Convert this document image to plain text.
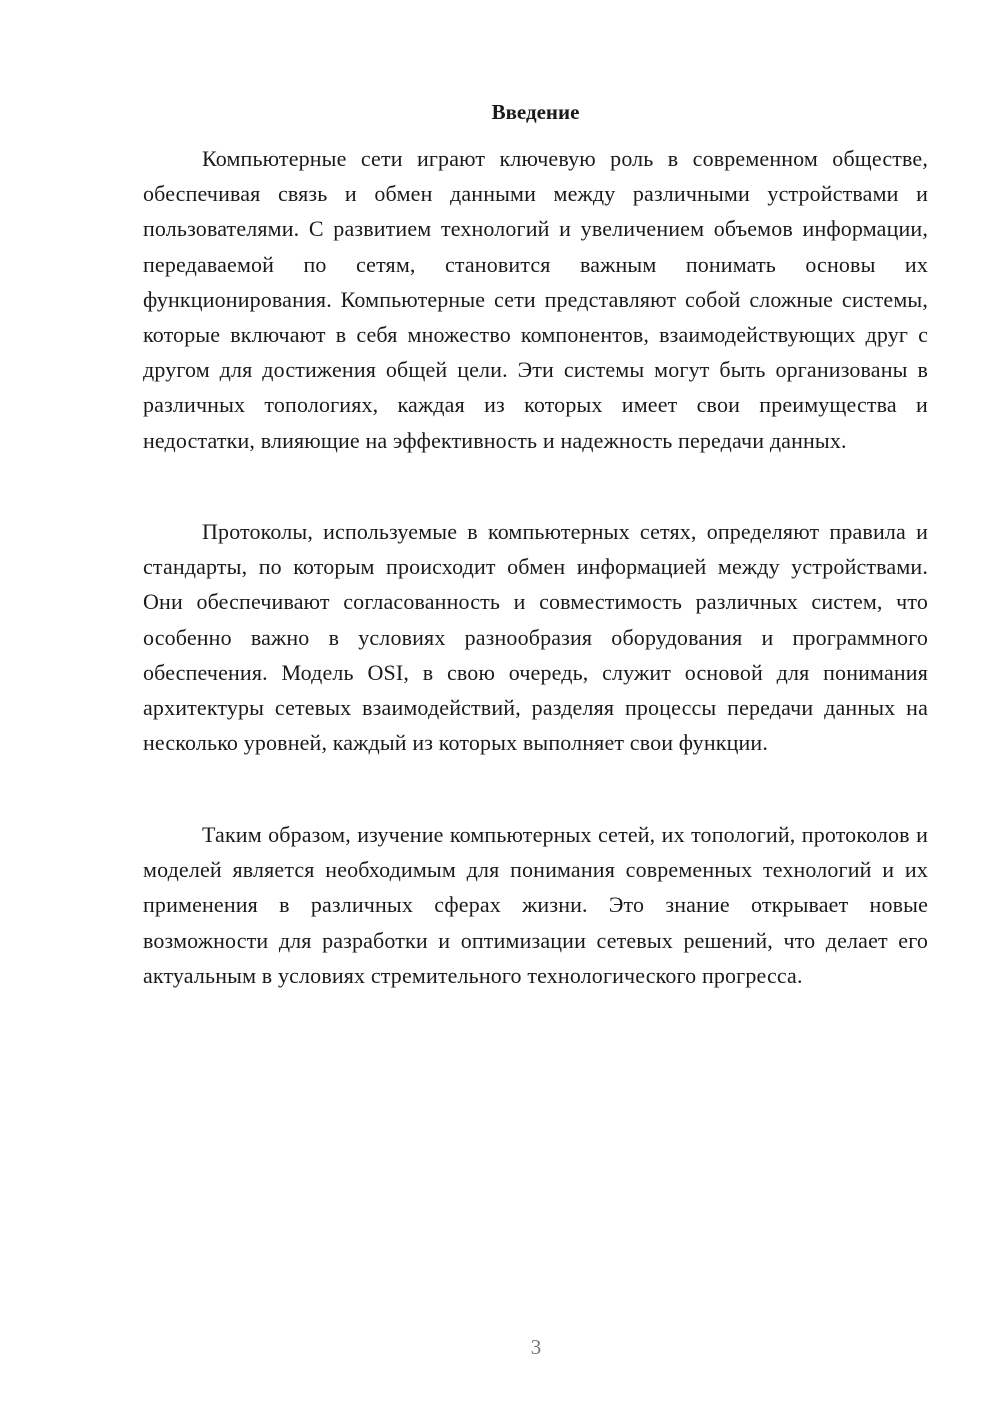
Введение

Компьютерные сети играют ключевую роль в современном обществе, обеспечивая связь и обмен данными между различными устройствами и пользователями. С развитием технологий и увеличением объемов информации, передаваемой по сетям, становится важным понимать основы их функционирования. Компьютерные сети представляют собой сложные системы, которые включают в себя множество компонентов, взаимодействующих друг с другом для достижения общей цели. Эти системы могут быть организованы в различных топологиях, каждая из которых имеет свои преимущества и недостатки, влияющие на эффективность и надежность передачи данных.

Протоколы, используемые в компьютерных сетях, определяют правила и стандарты, по которым происходит обмен информацией между устройствами. Они обеспечивают согласованность и совместимость различных систем, что особенно важно в условиях разнообразия оборудования и программного обеспечения. Модель OSI, в свою очередь, служит основой для понимания архитектуры сетевых взаимодействий, разделяя процессы передачи данных на несколько уровней, каждый из которых выполняет свои функции.

Таким образом, изучение компьютерных сетей, их топологий, протоколов и моделей является необходимым для понимания современных технологий и их применения в различных сферах жизни. Это знание открывает новые возможности для разработки и оптимизации сетевых решений, что делает его актуальным в условиях стремительного технологического прогресса.

3
